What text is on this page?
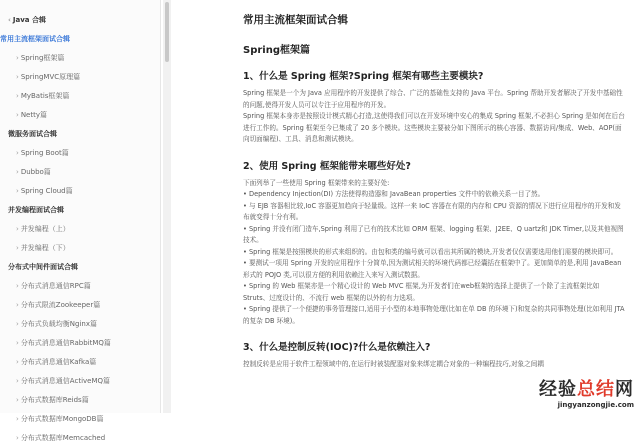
‹ Java 合辑
常用主流框架面试合辑
› Spring框架篇
› SpringMVC原理篇
› MyBatis框架篇
› Netty篇
微服务面试合辑
› Spring Boot篇
› Dubbo篇
› Spring Cloud篇
并发编程面试合辑
› 并发编程（上）
› 并发编程（下）
分布式中间件面试合辑
› 分布式消息通信RPC篇
› 分布式限流Zookeeper篇
› 分布式负载均衡Nginx篇
› 分布式消息通信RabbitMQ篇
› 分布式消息通信Kafka篇
› 分布式消息通信ActiveMQ篇
› 分布式数据库Reids篇
› 分布式数据库MongoDB篇
› 分布式数据库Memcached
常用主流框架面试合辑
Spring框架篇
1、什么是 Spring 框架?Spring 框架有哪些主要模块?

Spring 框架是一个为 Java 应用程序的开发提供了综合、广泛的基础性支持的 Java 平台。Spring 帮助开发者解决了开发中基础性的问题,使得开发人员可以专注于应用程序的开发。

Spring 框架本身亦是按照设计模式精心打造,这使得我们可以在开发环境中安心的集成 Spring 框架,不必担心 Spring 是如何在后台进行工作的。Spring 框架至今已集成了 20 多个模块。这些模块主要被分如下图所示的核心容器、数据访问/集成、Web、AOP(面向切面编程)、工具、消息和测试模块。

2、使用 Spring 框架能带来哪些好处?

下面列举了一些使用 Spring 框架带来的主要好处:

• Dependency Injection(DI) 方法使得构造器和 JavaBean properties 文件中的依赖关系一目了然。

• 与 EJB 容器相比较,IoC 容器更加趋向于轻量级。这样一来 IoC 容器在有限的内存和 CPU 资源的情况下进行应用程序的开发和发布就变得十分有利。

• Spring 并没有闭门造车,Spring 利用了已有的技术比如 ORM 框架、logging 框架、J2EE、Q uartz和 JDK Timer,以及其他视图技术。

• Spring 框架是按照模块的形式来组织的。由包和类的编号就可以看出其所属的模块,开发者仅仅需要选用他们需要的模块即可。

• 要测试一项用 Spring 开发的应用程序十分简单,因为测试相关的环境代码都已经囊括在框架中了。更加简单的是,利用 JavaBean 形式的 POJO 类,可以很方便的利用依赖注入来写入测试数据。

• Spring 的 Web 框架亦是一个精心设计的 Web MVC 框架,为开发者们在web框架的选择上提供了一个除了主流框架比如 Struts、过度设计的、不流行 web 框架的以外的有力选项。

• Spring 提供了一个便捷的事务管理接口,适用于小型的本地事物处理(比如在单 DB 的环境下)和复杂的共同事物处理(比如利用 JTA 的复杂 DB 环境)。

3、什么是控制反转(IOC)?什么是依赖注入?

控制反转是应用于软件工程领域中的,在运行时被装配器对象来绑定耦合对象的一种编程技巧,对象之间耦

经验总结网
jingyanzongjie.com
